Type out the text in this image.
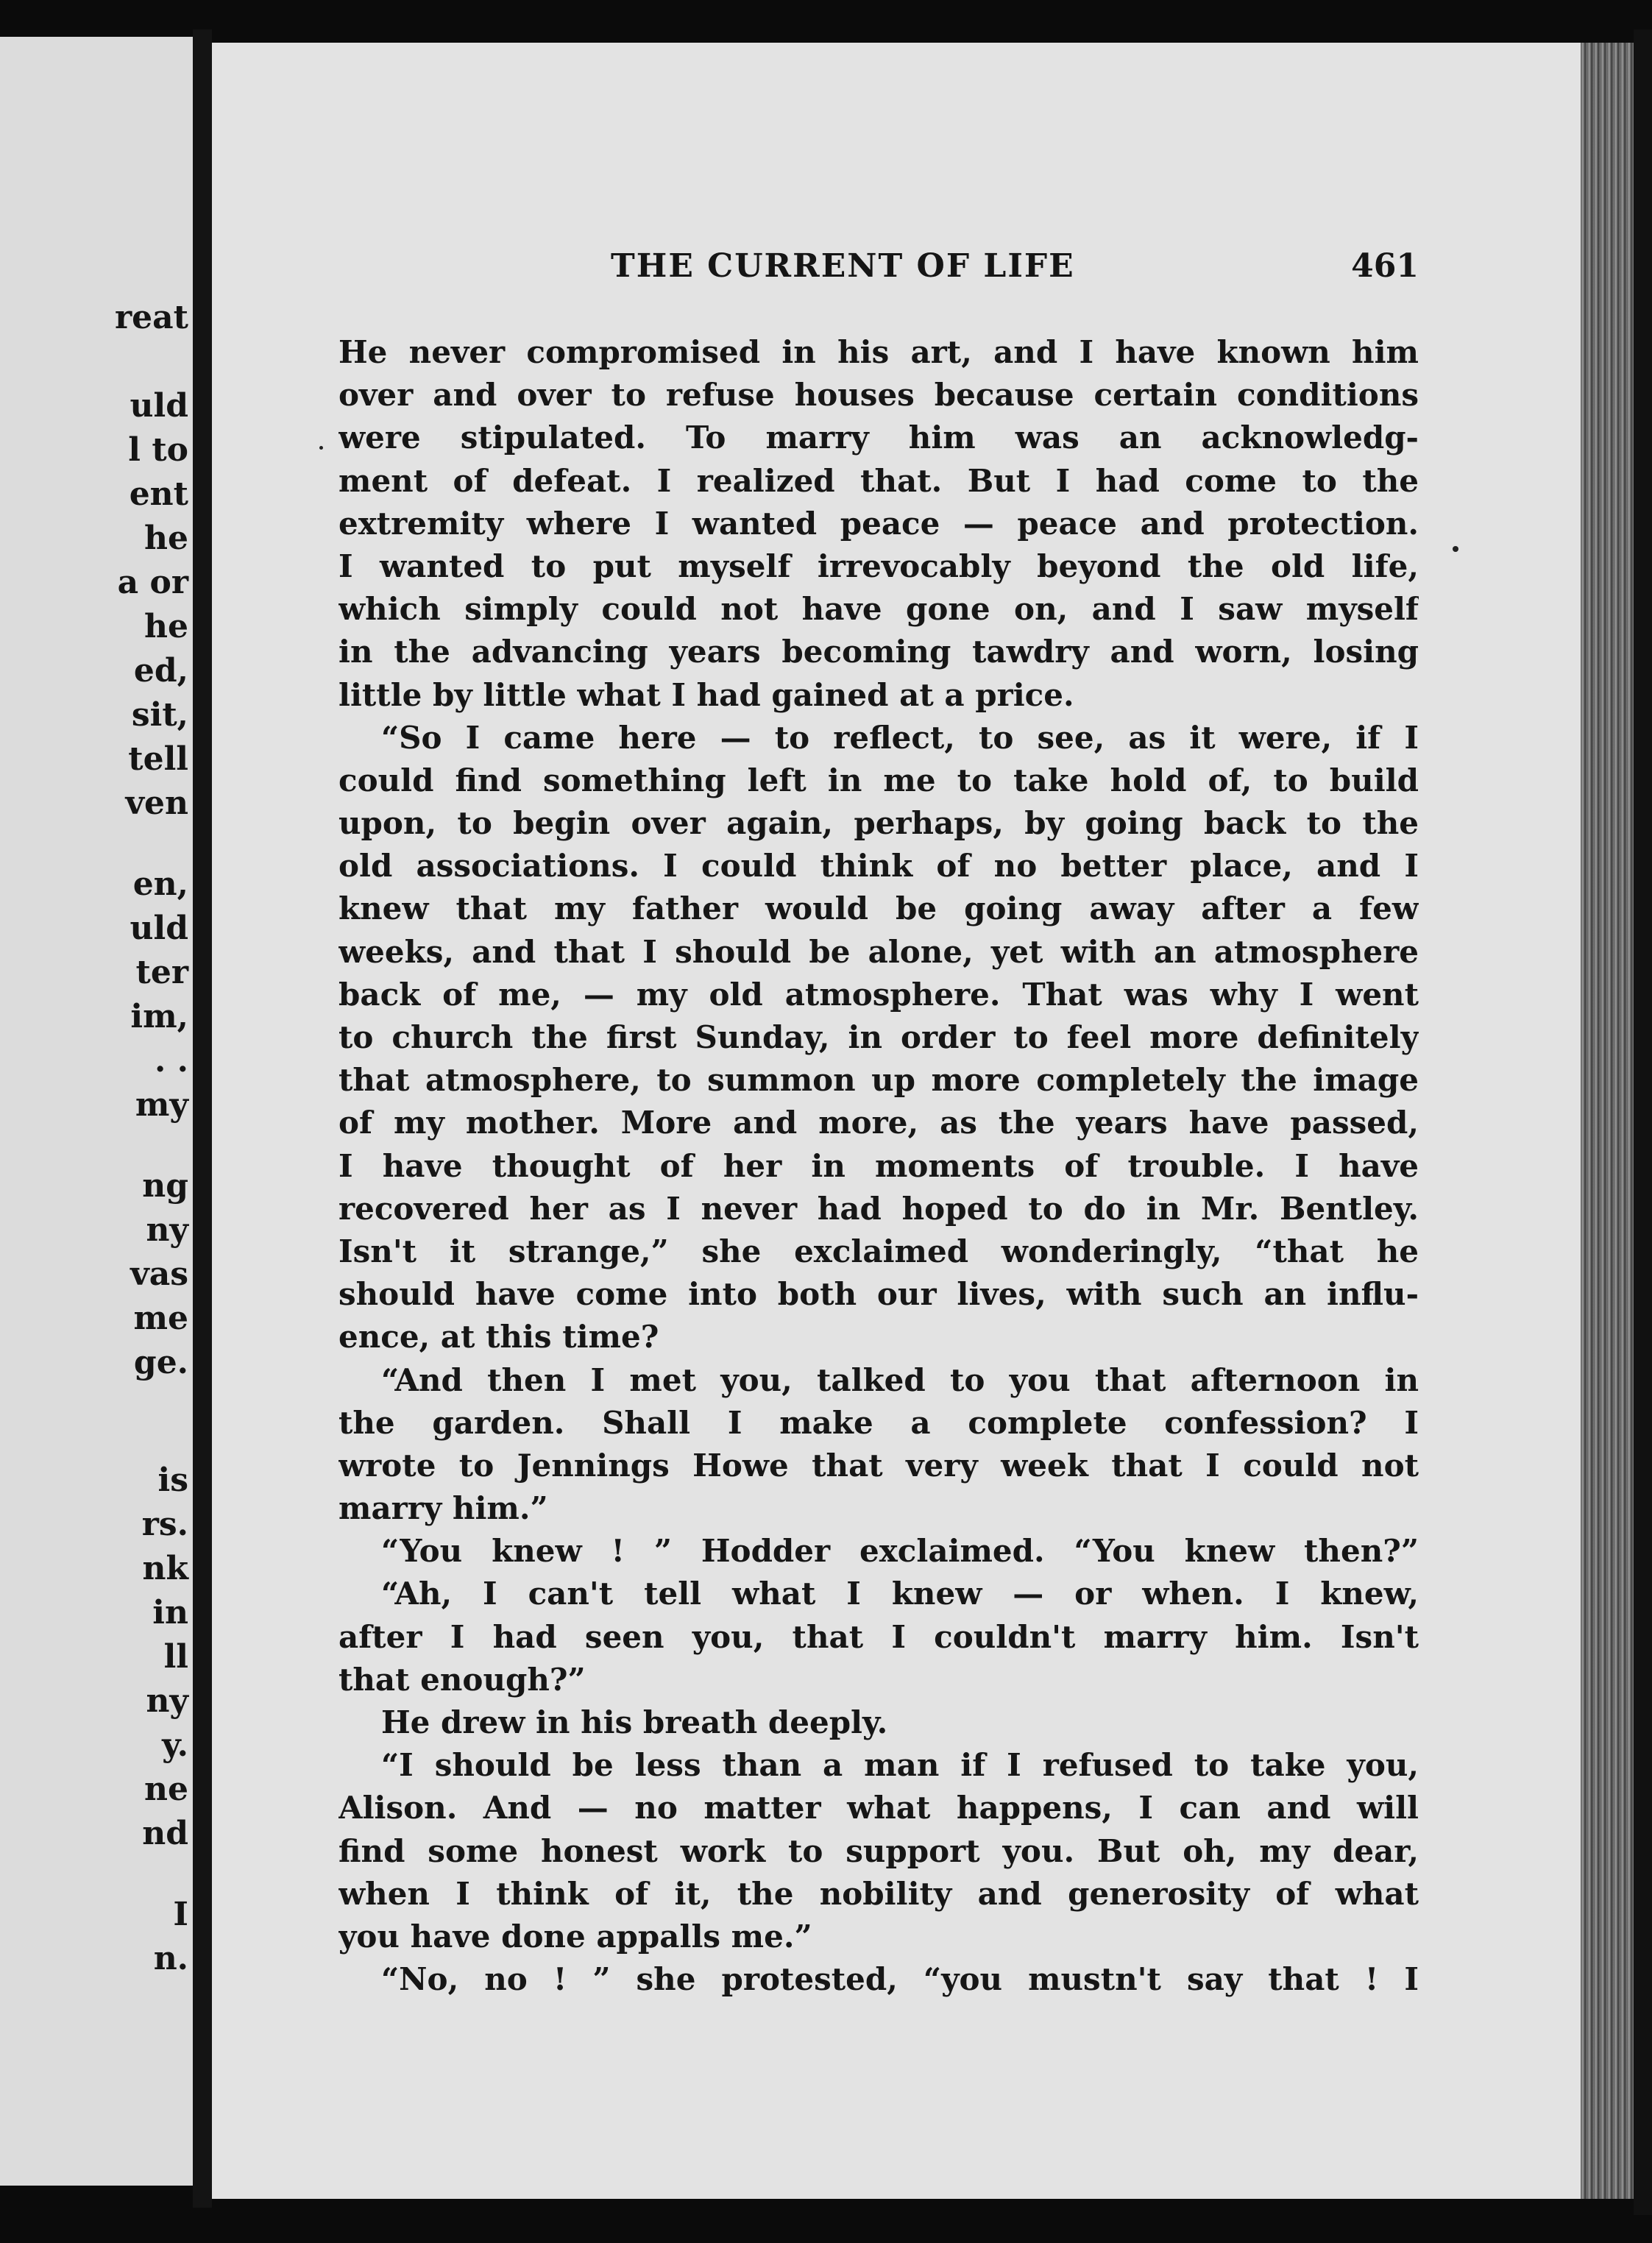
reat
uld
l to
ent
he
a or
he
ed,
sit,
tell
ven
en,
uld
ter
im,
. .
my
ng
ny
vas
me
ge.
is
rs.
nk
in
ll
ny
y.
ne
nd
I
n.
THE CURRENT OF LIFE	461
He never compromised in his art, and I have known him
over and over to refuse houses because certain conditions
were stipulated. To marry him was an acknowledg-
ment of defeat. I realized that. But I had come to the
extremity where I wanted peace — peace and protection.
I wanted to put myself irrevocably beyond the old life,
which simply could not have gone on, and I saw myself
in the advancing years becoming tawdry and worn, losing
little by little what I had gained at a price.
“So I came here — to reflect, to see, as it were, if I
could find something left in me to take hold of, to build
upon, to begin over again, perhaps, by going back to the
old associations. I could think of no better place, and I
knew that my father would be going away after a few
weeks, and that I should be alone, yet with an atmosphere
back of me, — my old atmosphere. That was why I went
to church the first Sunday, in order to feel more definitely
that atmosphere, to summon up more completely the image
of my mother. More and more, as the years have passed,
I have thought of her in moments of trouble. I have
recovered her as I never had hoped to do in Mr. Bentley.
Isn't it strange,” she exclaimed wonderingly, “that he
should have come into both our lives, with such an influ-
ence, at this time?
“And then I met you, talked to you that afternoon in
the garden. Shall I make a complete confession? I
wrote to Jennings Howe that very week that I could not
marry him.”
“You knew ! ” Hodder exclaimed. “You knew then?”
“Ah, I can't tell what I knew — or when. I knew,
after I had seen you, that I couldn't marry him. Isn't
that enough?”
He drew in his breath deeply.
“I should be less than a man if I refused to take you,
Alison. And — no matter what happens, I can and will
find some honest work to support you. But oh, my dear,
when I think of it, the nobility and generosity of what
you have done appalls me.”
“No, no ! ” she protested, “you mustn't say that ! I
